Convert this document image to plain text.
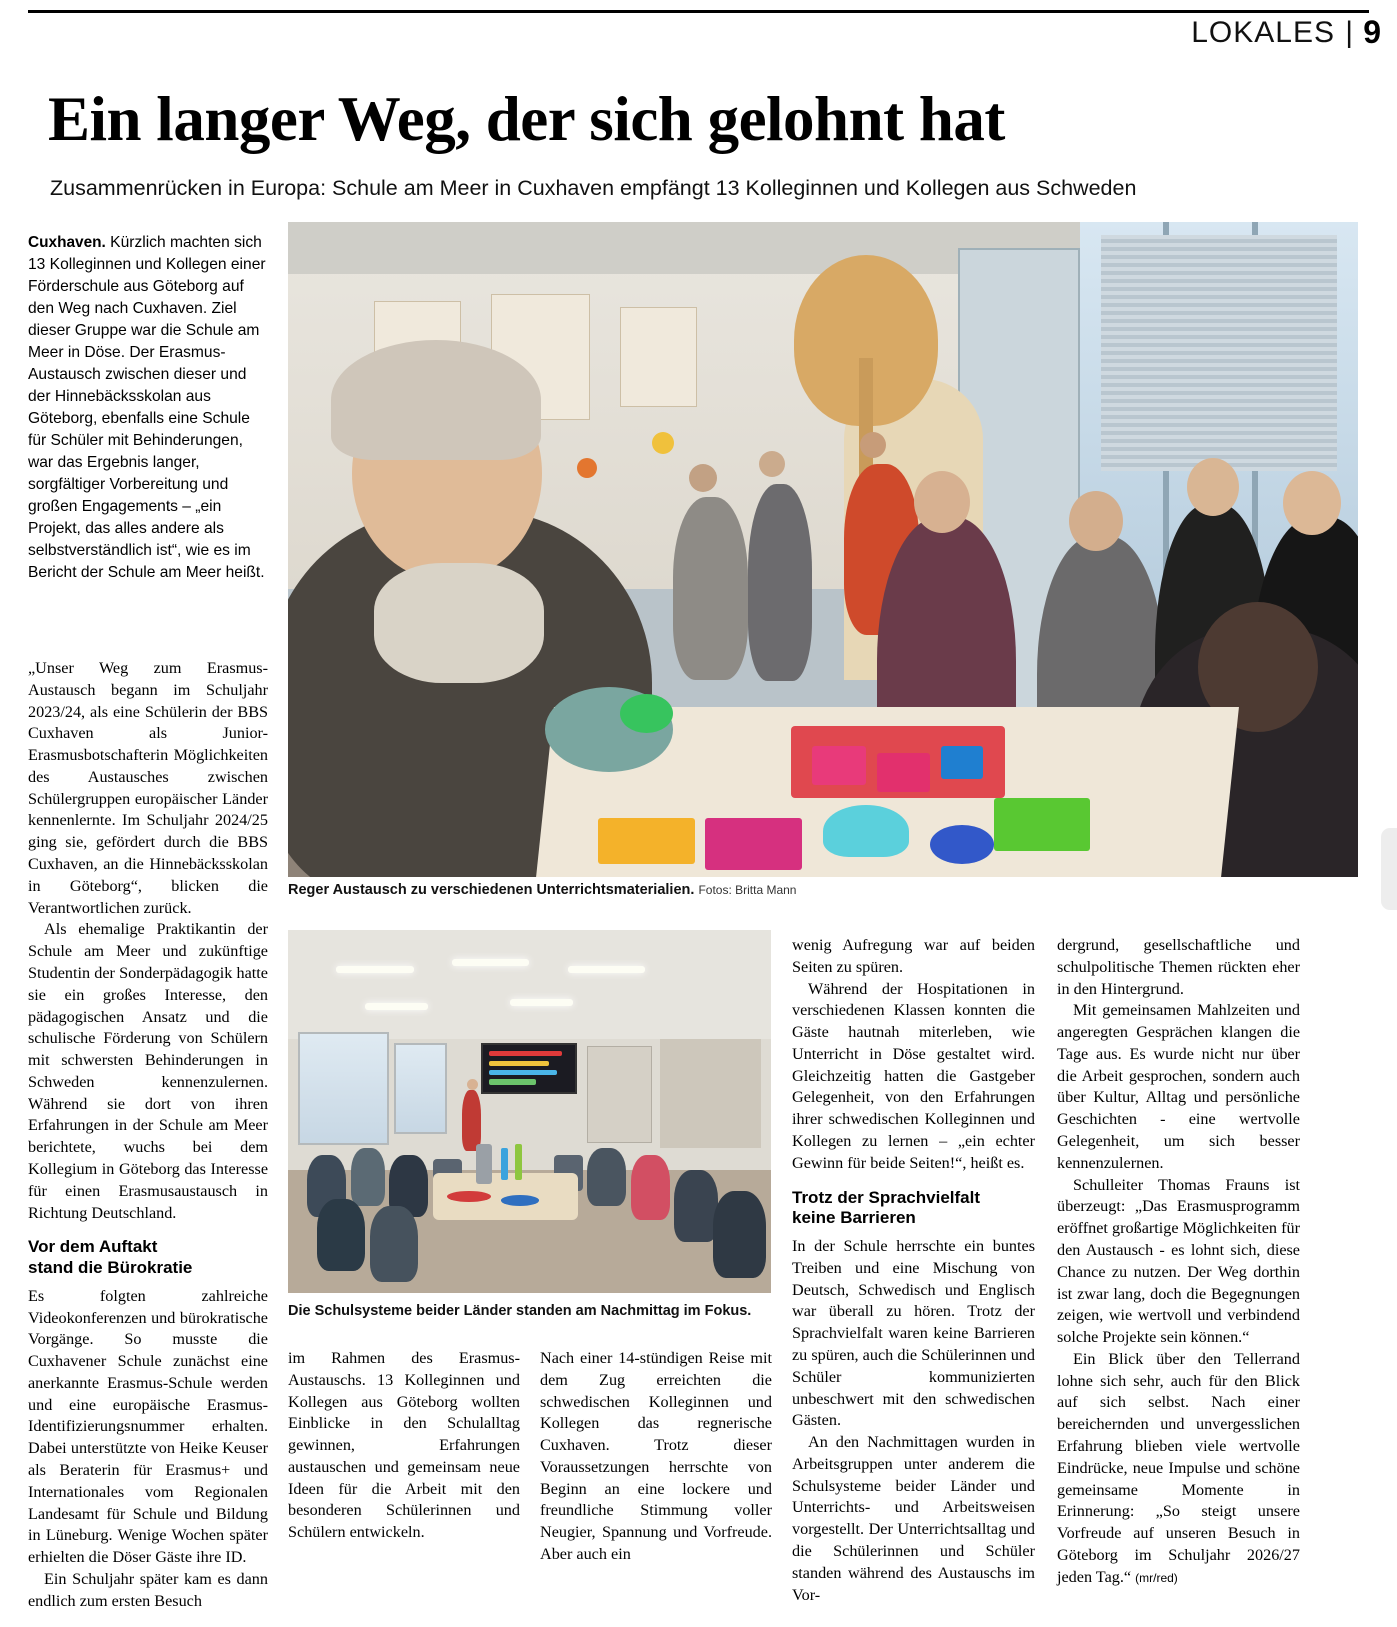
LOKALES | 9
Ein langer Weg, der sich gelohnt hat
Zusammenrücken in Europa: Schule am Meer in Cuxhaven empfängt 13 Kolleginnen und Kollegen aus Schweden
Reger Austausch zu verschiedenen Unterrichtsmaterialien. Fotos: Britta Mann
Die Schulsysteme beider Länder standen am Nachmittag im Fokus.

Cuxhaven. Kürzlich machten sich 13 Kolleginnen und Kollegen einer Förderschule aus Göteborg auf den Weg nach Cuxhaven. Ziel dieser Gruppe war die Schule am Meer in Döse. Der Erasmus-Austausch zwischen dieser und der Hinnebäcksskolan aus Göteborg, ebenfalls eine Schule für Schüler mit Behinderungen, war das Ergebnis langer, sorgfältiger Vorbereitung und großen Engagements – „ein Projekt, das alles andere als selbstverständlich ist“, wie es im Bericht der Schule am Meer heißt.

„Unser Weg zum Erasmus-Austausch begann im Schuljahr 2023/24, als eine Schülerin der BBS Cuxhaven als Junior-Erasmusbotschafterin Möglichkeiten des Austausches zwischen Schülergruppen europäischer Länder kennenlernte. Im Schuljahr 2024/25 ging sie, gefördert durch die BBS Cuxhaven, an die Hinnebäcksskolan in Göteborg“, blicken die Verantwortlichen zurück.

Als ehemalige Praktikantin der Schule am Meer und zukünftige Studentin der Sonderpädagogik hatte sie ein großes Interesse, den pädagogischen Ansatz und die schulische Förderung von Schülern mit schwersten Behinderungen in Schweden kennenzulernen. Während sie dort von ihren Erfahrungen in der Schule am Meer berichtete, wuchs bei dem Kollegium in Göteborg das Interesse für einen Erasmusaustausch in Richtung Deutschland.

Vor dem Auftakt
stand die Bürokratie

Es folgten zahlreiche Videokonferenzen und bürokratische Vorgänge. So musste die Cuxhavener Schule zunächst eine anerkannte Erasmus-Schule werden und eine europäische Erasmus-Identifizierungsnummer erhalten. Dabei unterstützte von Heike Keuser als Beraterin für Erasmus+ und Internationales vom Regionalen Landesamt für Schule und Bildung in Lüneburg. Wenige Wochen später erhielten die Döser Gäste ihre ID.

Ein Schuljahr später kam es dann endlich zum ersten Besuch

im Rahmen des Erasmus-Austauschs. 13 Kolleginnen und Kollegen aus Göteborg wollten Einblicke in den Schulalltag gewinnen, Erfahrungen austauschen und gemeinsam neue Ideen für die Arbeit mit den besonderen Schülerinnen und Schülern entwickeln.

Nach einer 14-stündigen Reise mit dem Zug erreichten die schwedischen Kolleginnen und Kollegen das regnerische Cuxhaven. Trotz dieser Voraussetzungen herrschte von Beginn an eine lockere und freundliche Stimmung voller Neugier, Spannung und Vorfreude. Aber auch ein

wenig Aufregung war auf beiden Seiten zu spüren.

Während der Hospitationen in verschiedenen Klassen konnten die Gäste hautnah miterleben, wie Unterricht in Döse gestaltet wird. Gleichzeitig hatten die Gastgeber Gelegenheit, von den Erfahrungen ihrer schwedischen Kolleginnen und Kollegen zu lernen – „ein echter Gewinn für beide Seiten!“, heißt es.

Trotz der Sprachvielfalt
keine Barrieren

In der Schule herrschte ein buntes Treiben und eine Mischung von Deutsch, Schwedisch und Englisch war überall zu hören. Trotz der Sprachvielfalt waren keine Barrieren zu spüren, auch die Schülerinnen und Schüler kommunizierten unbeschwert mit den schwedischen Gästen.

An den Nachmittagen wurden in Arbeitsgruppen unter anderem die Schulsysteme beider Länder und Unterrichts- und Arbeitsweisen vorgestellt. Der Unterrichtsalltag und die Schülerinnen und Schüler standen während des Austauschs im Vor-

dergrund, gesellschaftliche und schulpolitische Themen rückten eher in den Hintergrund.

Mit gemeinsamen Mahlzeiten und angeregten Gesprächen klangen die Tage aus. Es wurde nicht nur über die Arbeit gesprochen, sondern auch über Kultur, Alltag und persönliche Geschichten - eine wertvolle Gelegenheit, um sich besser kennenzulernen.

Schulleiter Thomas Frauns ist überzeugt: „Das Erasmusprogramm eröffnet großartige Möglichkeiten für den Austausch - es lohnt sich, diese Chance zu nutzen. Der Weg dorthin ist zwar lang, doch die Begegnungen zeigen, wie wertvoll und verbindend solche Projekte sein können.“

Ein Blick über den Tellerrand lohne sich sehr, auch für den Blick auf sich selbst. Nach einer bereichernden und unvergesslichen Erfahrung blieben viele wertvolle Eindrücke, neue Impulse und schöne gemeinsame Momente in Erinnerung: „So steigt unsere Vorfreude auf unseren Besuch in Göteborg im Schuljahr 2026/27 jeden Tag.“ (mr/red)
